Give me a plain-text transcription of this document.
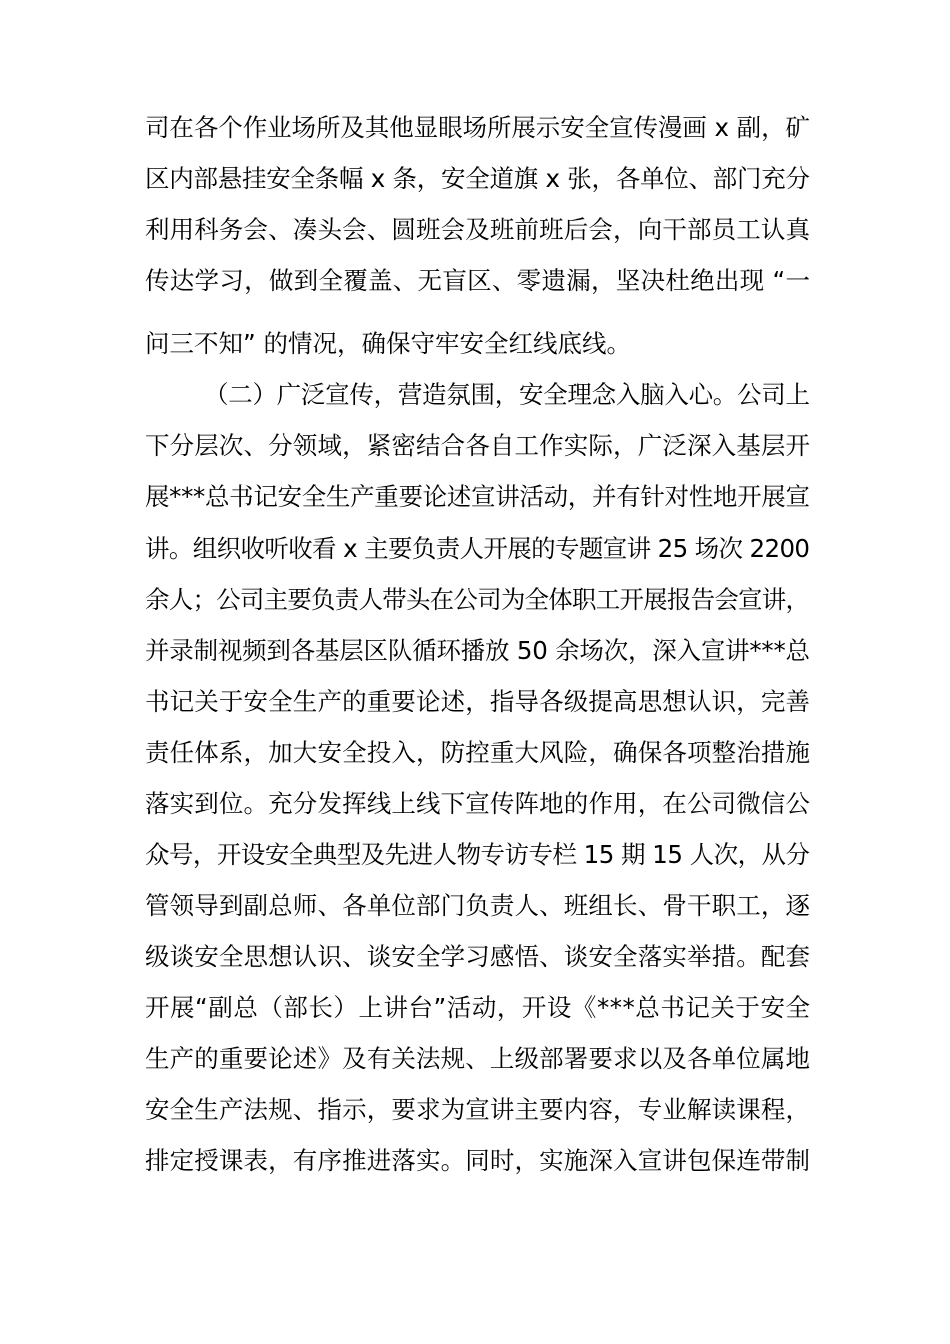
司在各个作业场所及其他显眼场所展示安全宣传漫画 x 副，矿
区内部悬挂安全条幅 x 条，安全道旗 x 张，各单位、部门充分
利用科务会、凑头会、圆班会及班前班后会，向干部员工认真
传达学习，做到全覆盖、无盲区、零遗漏，坚决杜绝出现 “一
问三不知” 的情况，确保守牢安全红线底线。
（二）广泛宣传，营造氛围，安全理念入脑入心。公司上
下分层次、分领域，紧密结合各自工作实际，广泛深入基层开
展***总书记安全生产重要论述宣讲活动，并有针对性地开展宣
讲。组织收听收看 x 主要负责人开展的专题宣讲 25 场次 2200
余人；公司主要负责人带头在公司为全体职工开展报告会宣讲，
并录制视频到各基层区队循环播放 50 余场次，深入宣讲***总
书记关于安全生产的重要论述，指导各级提高思想认识，完善
责任体系，加大安全投入，防控重大风险，确保各项整治措施
落实到位。充分发挥线上线下宣传阵地的作用，在公司微信公
众号，开设安全典型及先进人物专访专栏 15 期 15 人次，从分
管领导到副总师、各单位部门负责人、班组长、骨干职工，逐
级谈安全思想认识、谈安全学习感悟、谈安全落实举措。配套
开展“副总（部长）上讲台”活动，开设《***总书记关于安全
生产的重要论述》及有关法规、上级部署要求以及各单位属地
安全生产法规、指示，要求为宣讲主要内容，专业解读课程，
排定授课表，有序推进落实。同时，实施深入宣讲包保连带制
